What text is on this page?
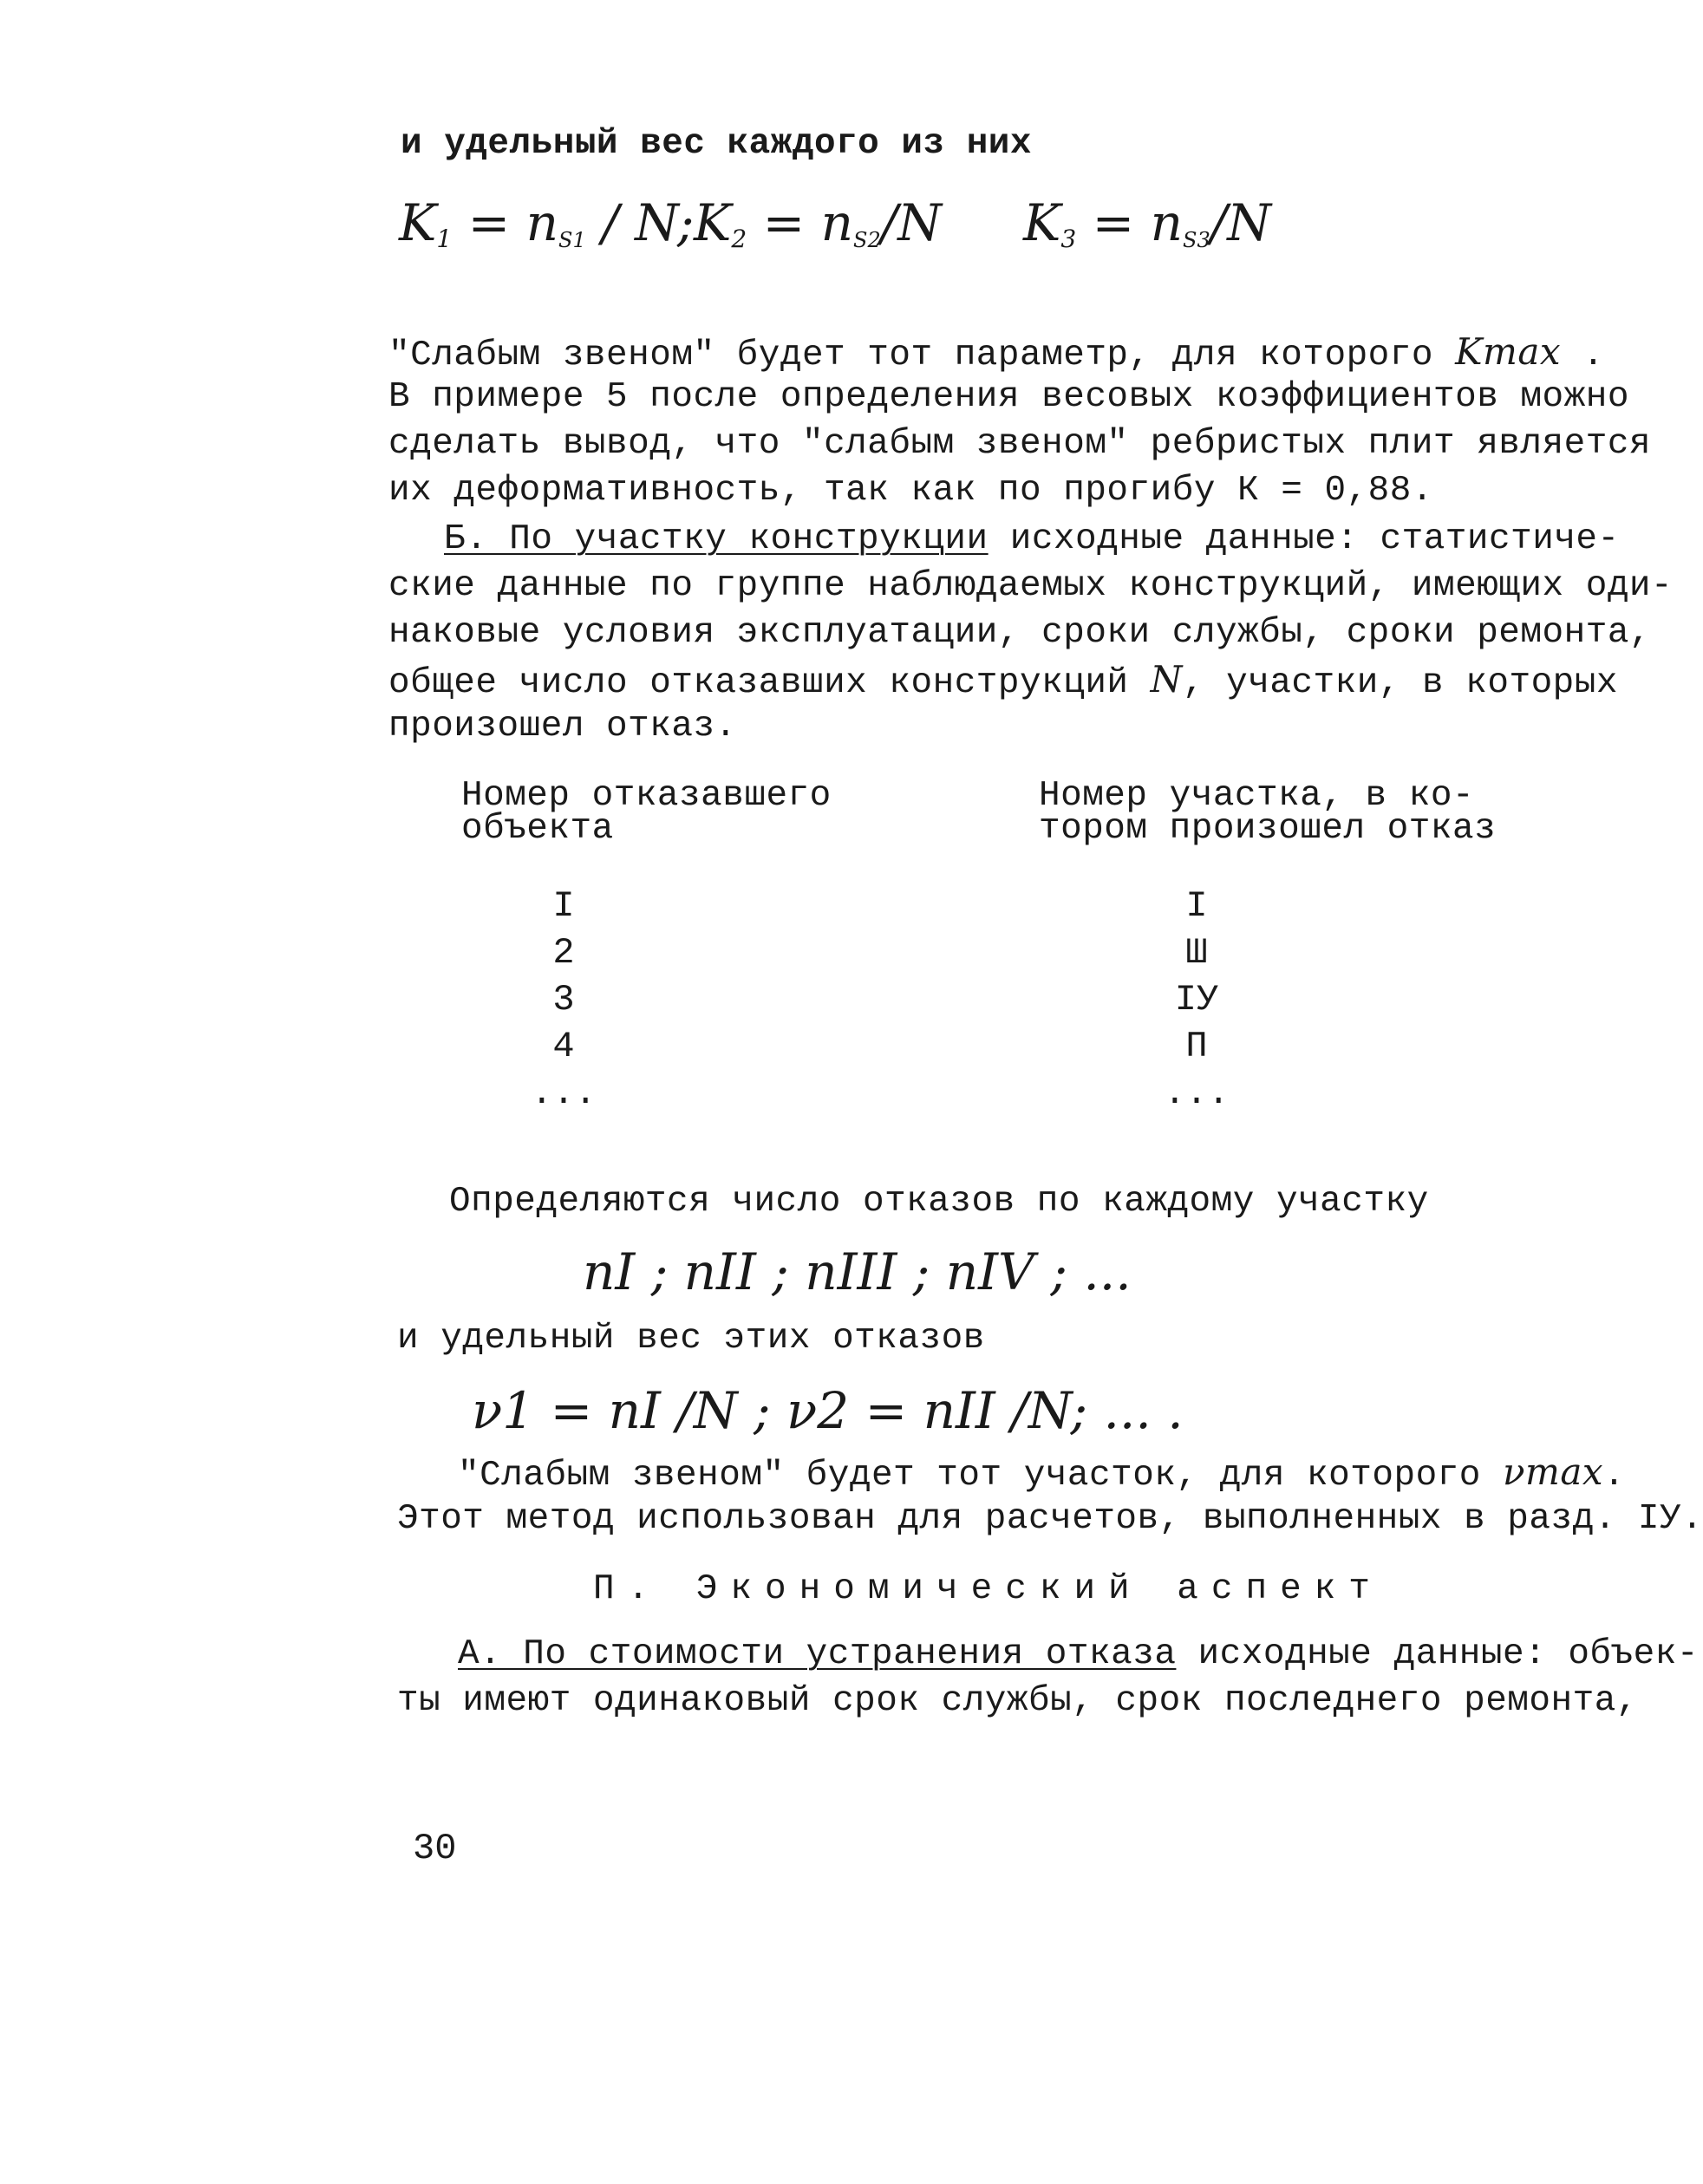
и удельный вес каждого из них
$K_1 = n_{S1} / N$; $K_2 = n_{S2}/N$ $K_3 = n_{S3}/N$
"Слабым звеном" будет тот параметр, для которого Kmax .
В примере 5 после определения весовых коэффициентов можно
сделать вывод, что "слабым звеном" ребристых плит является
их деформативность, так как по прогибу К = 0,88.
Б. По участку конструкции исходные данные: статистиче-
ские данные по группе наблюдаемых конструкций, имеющих оди-
наковые условия эксплуатации, сроки службы, сроки ремонта,
общее число отказавших конструкций N, участки, в которых
произошел отказ.
Номер отказавшего
объекта
Номер участка, в ко-
тором произошел отказ
I	I
2	Ш
3	IУ
4	П
...	...
Определяются число отказов по каждому участку
nI ; nII ; nIII ; nIV ; ...
и удельный вес этих отказов
ν1 = nI /N ; ν2 = nII /N; ... .
"Слабым звеном" будет тот участок, для которого νmax.
Этот метод использован для расчетов, выполненных в разд. IУ.
П. Экономический аспект
А. По стоимости устранения отказа исходные данные: объек-
ты имеют одинаковый срок службы, срок последнего ремонта,
30
